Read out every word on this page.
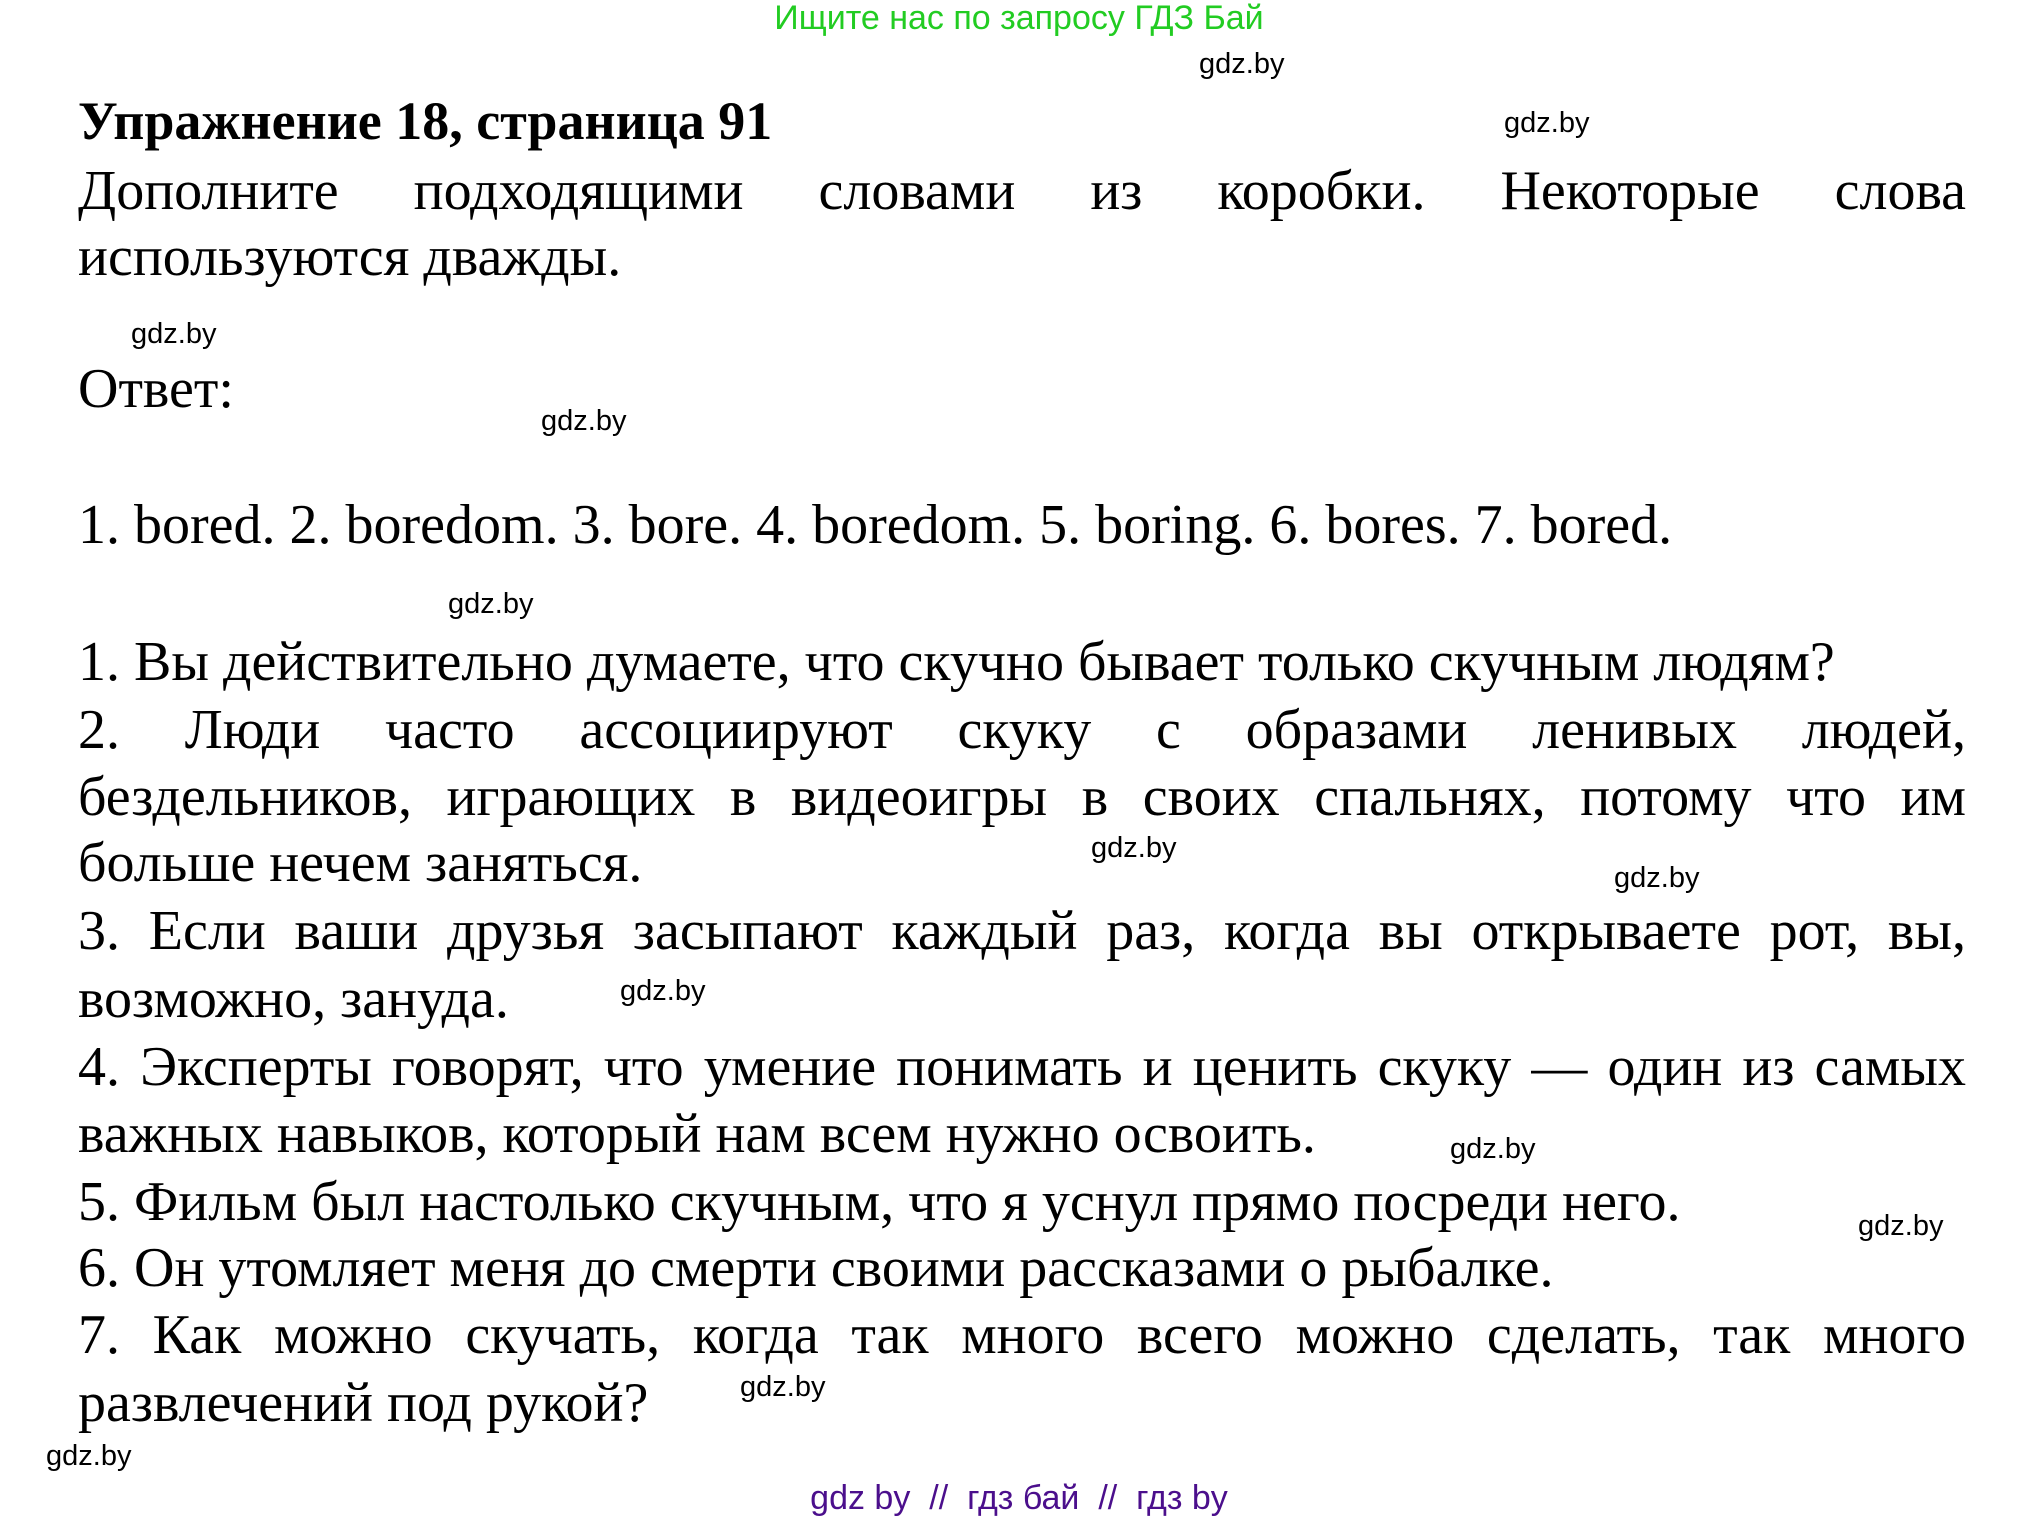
Ищите нас по запросу ГДЗ Бай
Упражнение 18, страница 91
Дополните подходящими словами из коробки. Некоторые слова
используются дважды.
Ответ:
1. bored. 2. boredom. 3. bore. 4. boredom. 5. boring. 6. bores. 7. bored.
1. Вы действительно думаете, что скучно бывает только скучным людям?
2. Люди часто ассоциируют скуку с образами ленивых людей,
бездельников, играющих в видеоигры в своих спальнях, потому что им
больше нечем заняться.
3. Если ваши друзья засыпают каждый раз, когда вы открываете рот, вы,
возможно, зануда.
4. Эксперты говорят, что умение понимать и ценить скуку — один из самых
важных навыков, который нам всем нужно освоить.
5. Фильм был настолько скучным, что я уснул прямо посреди него.
6. Он утомляет меня до смерти своими рассказами о рыбалке.
7. Как можно скучать, когда так много всего можно сделать, так много
развлечений под рукой?
gdz.by
gdz.by
gdz.by
gdz.by
gdz.by
gdz.by
gdz.by
gdz.by
gdz.by
gdz.by
gdz.by
gdz.by
gdz by // гдз бай // гдз by
